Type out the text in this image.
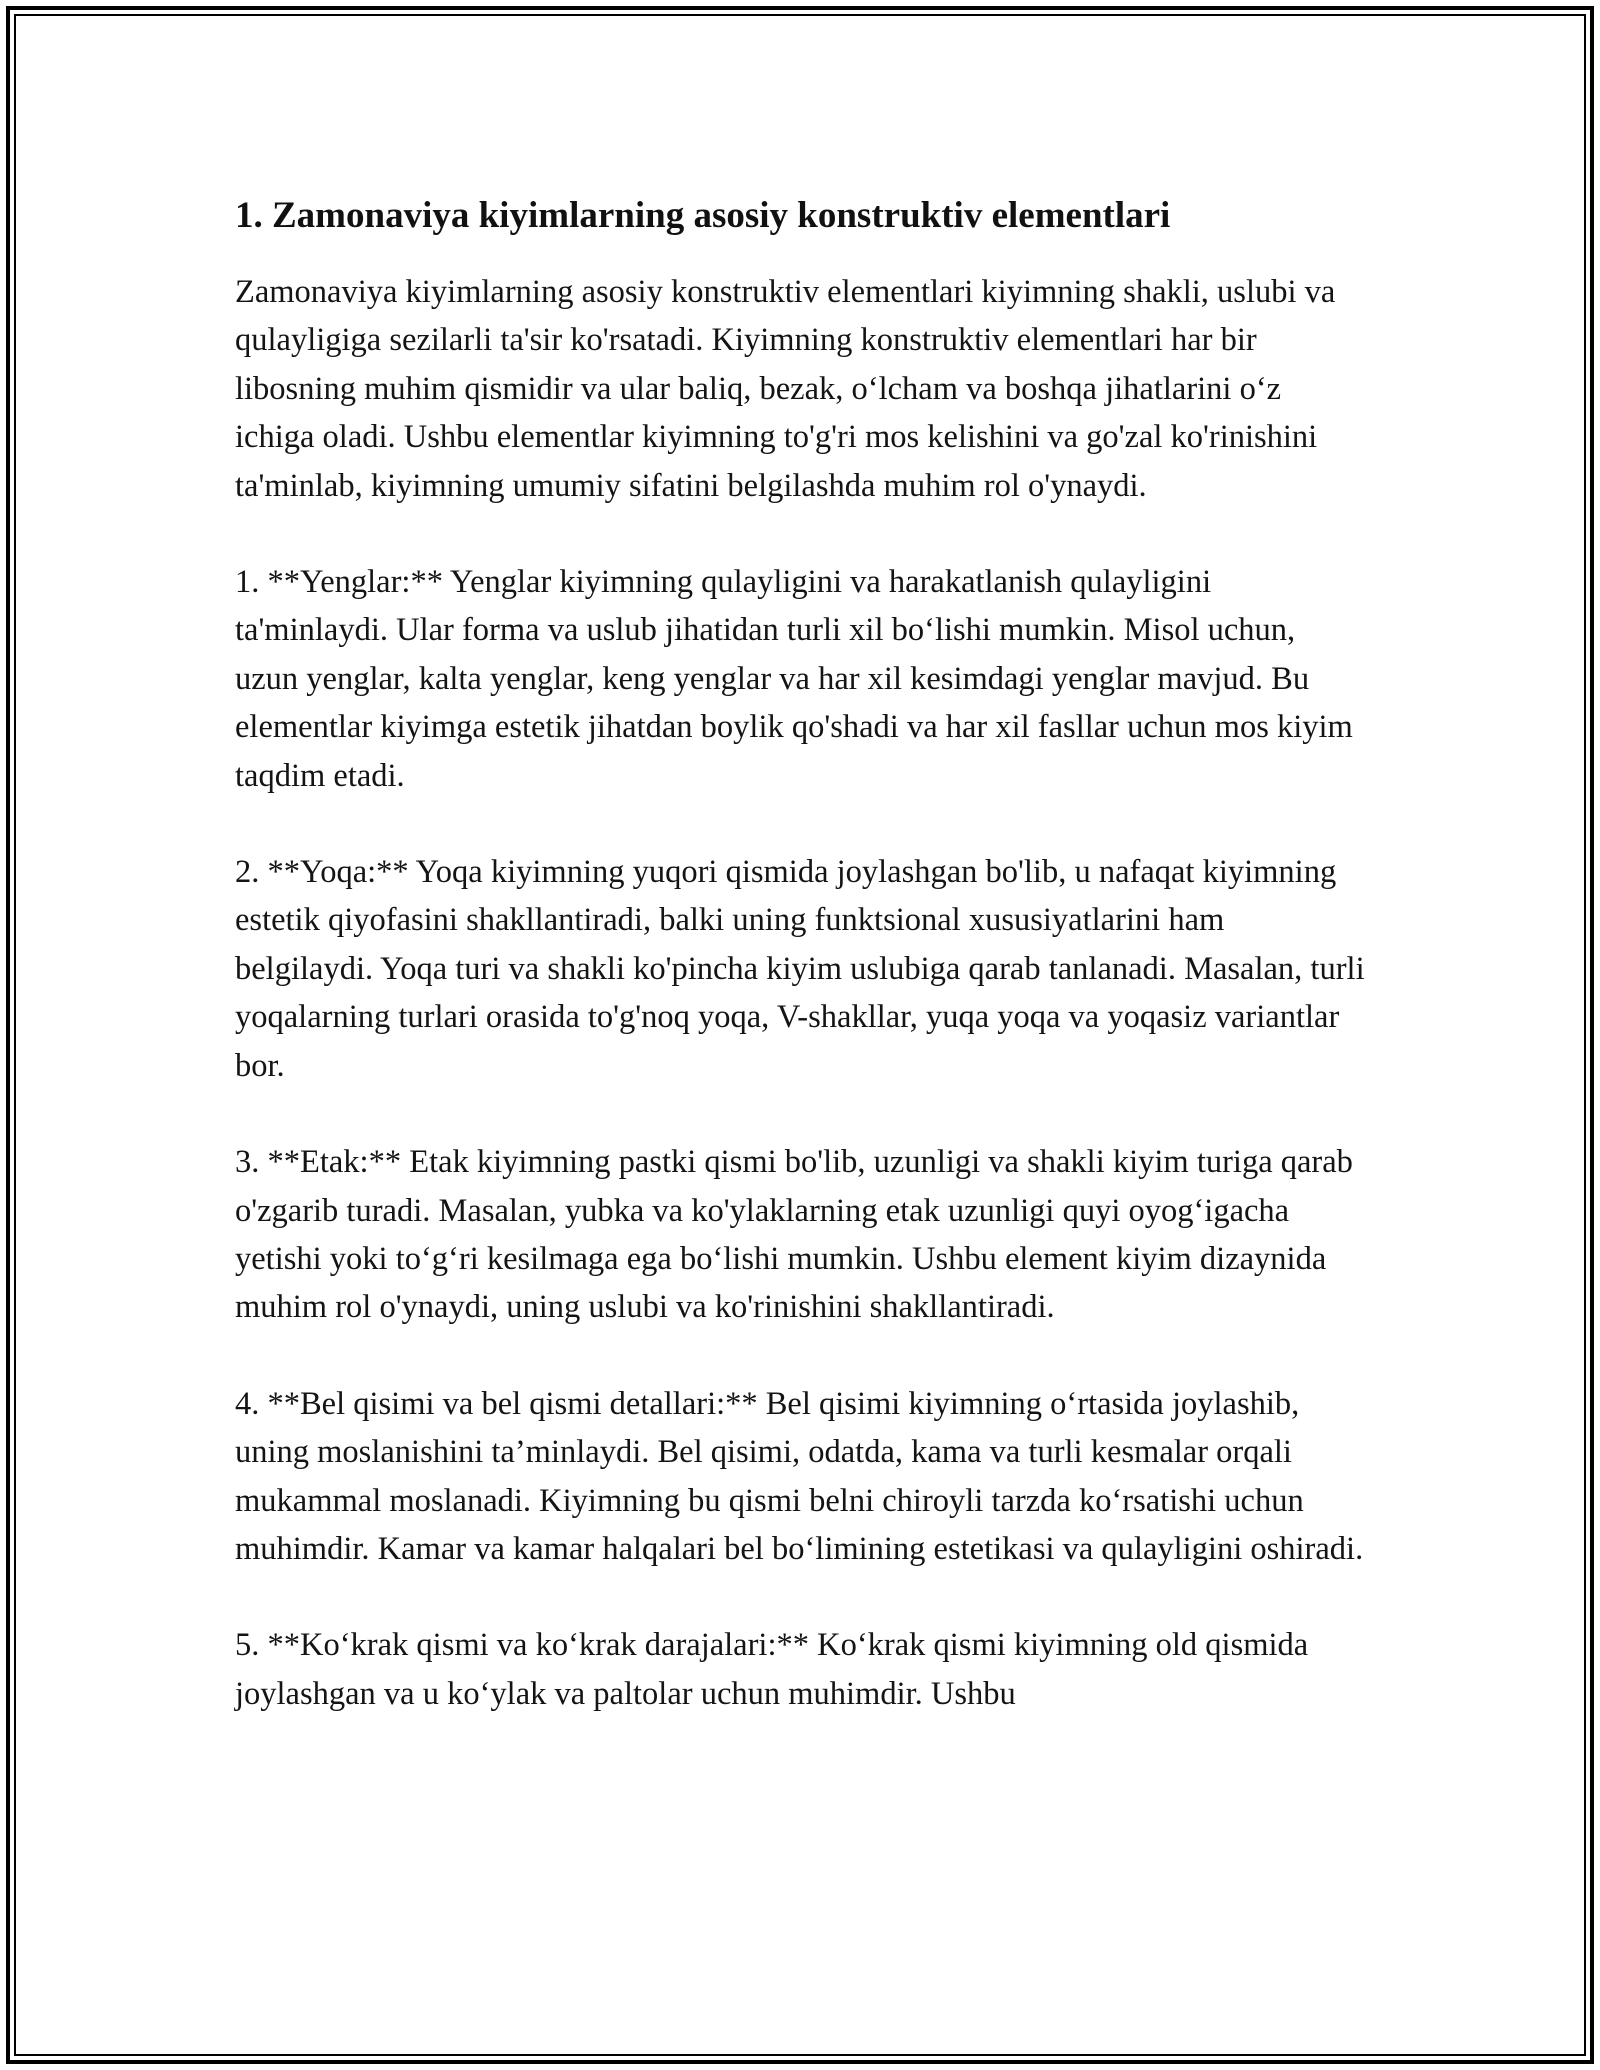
1. Zamonaviya kiyimlarning asosiy konstruktiv elementlari

Zamonaviya kiyimlarning asosiy konstruktiv elementlari kiyimning shakli, uslubi va qulayligiga sezilarli ta'sir ko'rsatadi. Kiyimning konstruktiv elementlari har bir libosning muhim qismidir va ular baliq, bezak, oʻlcham va boshqa jihatlarini oʻz ichiga oladi. Ushbu elementlar kiyimning to'g'ri mos kelishini va go'zal ko'rinishini ta'minlab, kiyimning umumiy sifatini belgilashda muhim rol o'ynaydi.

1. **Yenglar:** Yenglar kiyimning qulayligini va harakatlanish qulayligini ta'minlaydi. Ular forma va uslub jihatidan turli xil boʻlishi mumkin. Misol uchun, uzun yenglar, kalta yenglar, keng yenglar va har xil kesimdagi yenglar mavjud. Bu elementlar kiyimga estetik jihatdan boylik qo'shadi va har xil fasllar uchun mos kiyim taqdim etadi.

2. **Yoqa:** Yoqa kiyimning yuqori qismida joylashgan bo'lib, u nafaqat kiyimning estetik qiyofasini shakllantiradi, balki uning funktsional xususiyatlarini ham belgilaydi. Yoqa turi va shakli ko'pincha kiyim uslubiga qarab tanlanadi. Masalan, turli yoqalarning turlari orasida to'g'noq yoqa, V-shakllar, yuqa yoqa va yoqasiz variantlar bor.

3. **Etak:** Etak kiyimning pastki qismi bo'lib, uzunligi va shakli kiyim turiga qarab o'zgarib turadi. Masalan, yubka va ko'ylaklarning etak uzunligi quyi oyogʻigacha yetishi yoki toʻgʻri kesilmaga ega boʻlishi mumkin. Ushbu element kiyim dizaynida muhim rol o'ynaydi, uning uslubi va ko'rinishini shakllantiradi.

4. **Bel qisimi va bel qismi detallari:** Bel qisimi kiyimning oʻrtasida joylashib, uning moslanishini ta’minlaydi. Bel qisimi, odatda, kama va turli kesmalar orqali mukammal moslanadi. Kiyimning bu qismi belni chiroyli tarzda koʻrsatishi uchun muhimdir. Kamar va kamar halqalari bel boʻlimining estetikasi va qulayligini oshiradi.

5. **Koʻkrak qismi va koʻkrak darajalari:** Koʻkrak qismi kiyimning old qismida joylashgan va u koʻylak va paltolar uchun muhimdir. Ushbu
